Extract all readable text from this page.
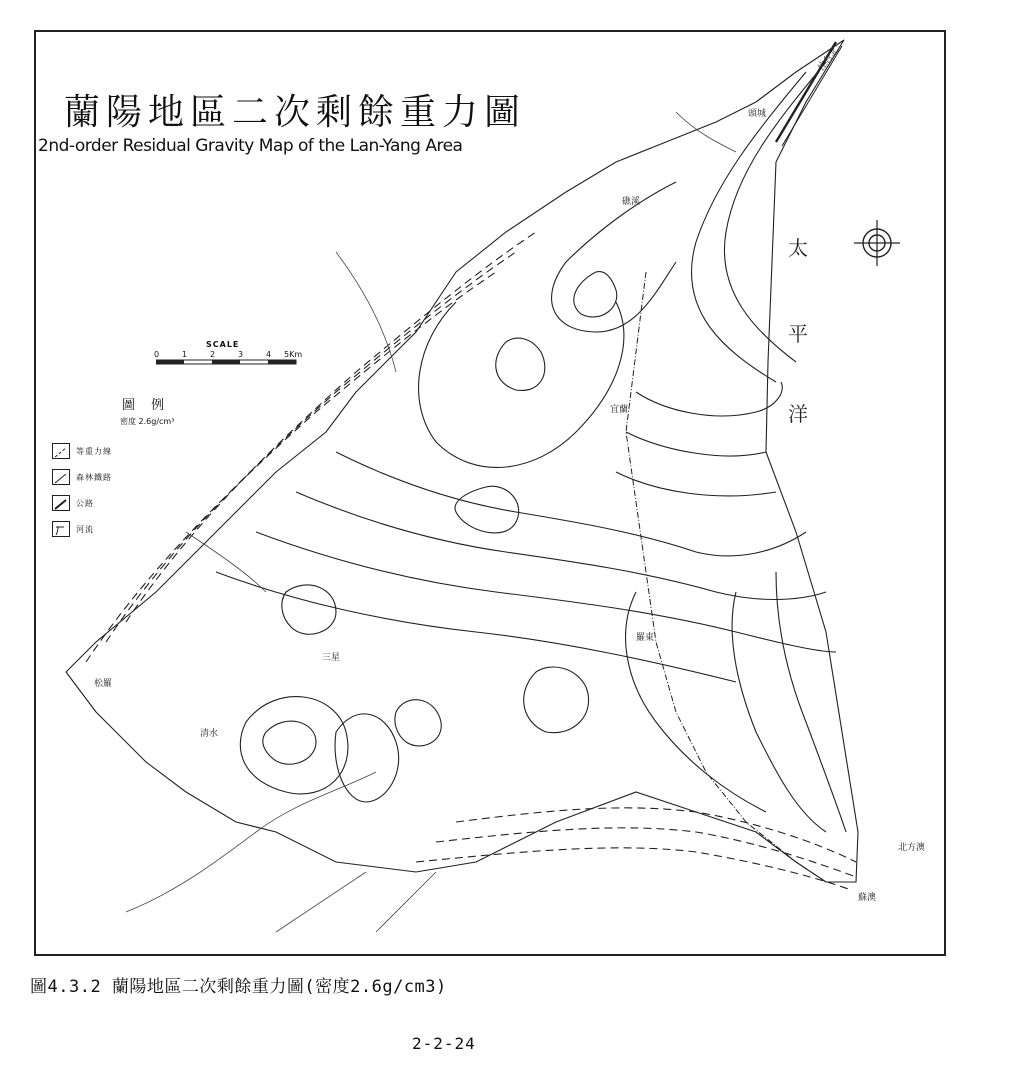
蘭陽地區二次剩餘重力圖
2nd-order Residual Gravity Map of the Lan-Yang Area
SCALE
0	1	2	3	4 5Km
圖 例
密度 2.6g/cm³
等重力線
森林鐵路
公路
河流
太
平
洋
往台北
頭城
礁溪
宜蘭
羅東
三星
清水
松羅
蘇澳
北方澳
圖4.3.2 蘭陽地區二次剩餘重力圖(密度2.6g/cm3)
2-2-24
